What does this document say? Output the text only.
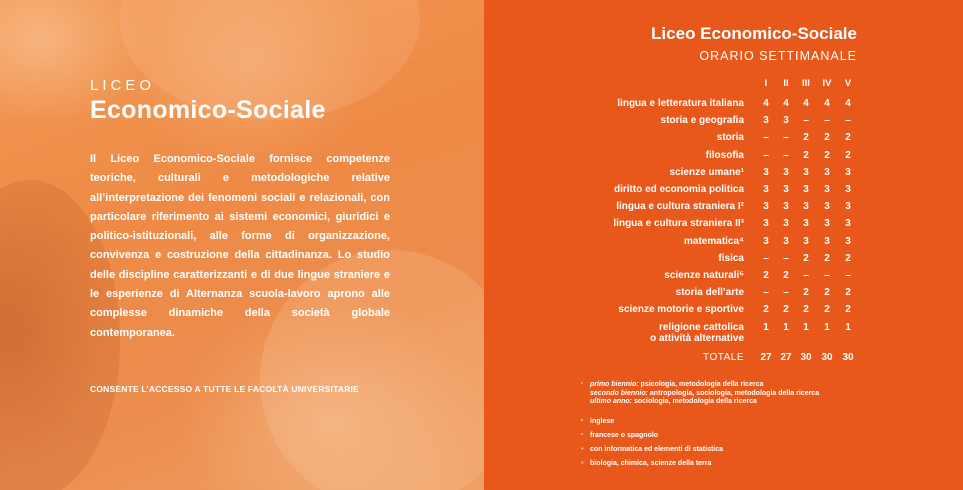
LICEO

Economico-Sociale

Il Liceo Economico-Sociale fornisce competenze teoriche, culturali e metodologiche relative all’interpretazione dei fenomeni sociali e relazionali, con particolare riferimento ai sistemi economici, giuridici e politico-istituzionali, alle forme di organizzazione, convivenza e costruzione della cittadinanza. Lo studio delle discipline caratterizzanti e di due lingue straniere e le esperienze di Alternanza scuola-lavoro aprono alle complesse dinamiche della società globale contemporanea.

CONSENTE L’ACCESSO A TUTTE LE FACOLTÀ UNIVERSITARIE

Liceo Economico-Sociale

ORARIO SETTIMANALE

I	II	III	IV	V
lingua e letteratura italiana	4	4	4	4	4
storia e geografia	3	3	–	–	–
storia	–	–	2	2	2
filosofia	–	–	2	2	2
scienze umane¹	3	3	3	3	3
diritto ed economia politica	3	3	3	3	3
lingua e cultura straniera I²	3	3	3	3	3
lingua e cultura straniera II³	3	3	3	3	3
matematica⁴	3	3	3	3	3
fisica	–	–	2	2	2
scienze naturali⁵	2	2	–	–	–
storia dell’arte	–	–	2	2	2
scienze motorie e sportive	2	2	2	2	2
religione cattolica
o attività alternative
1	1	1	1	1
TOTALE 27 27 30 30 30
¹ primo biennio: psicologia, metodologia della ricerca
secondo biennio: antropologia, sociologia, metodologia della ricerca
ultimo anno: sociologia, metodologia della ricerca
² inglese
³ francese o spagnolo
⁴ con informatica ed elementi di statistica
⁵ biologia, chimica, scienze della terra
